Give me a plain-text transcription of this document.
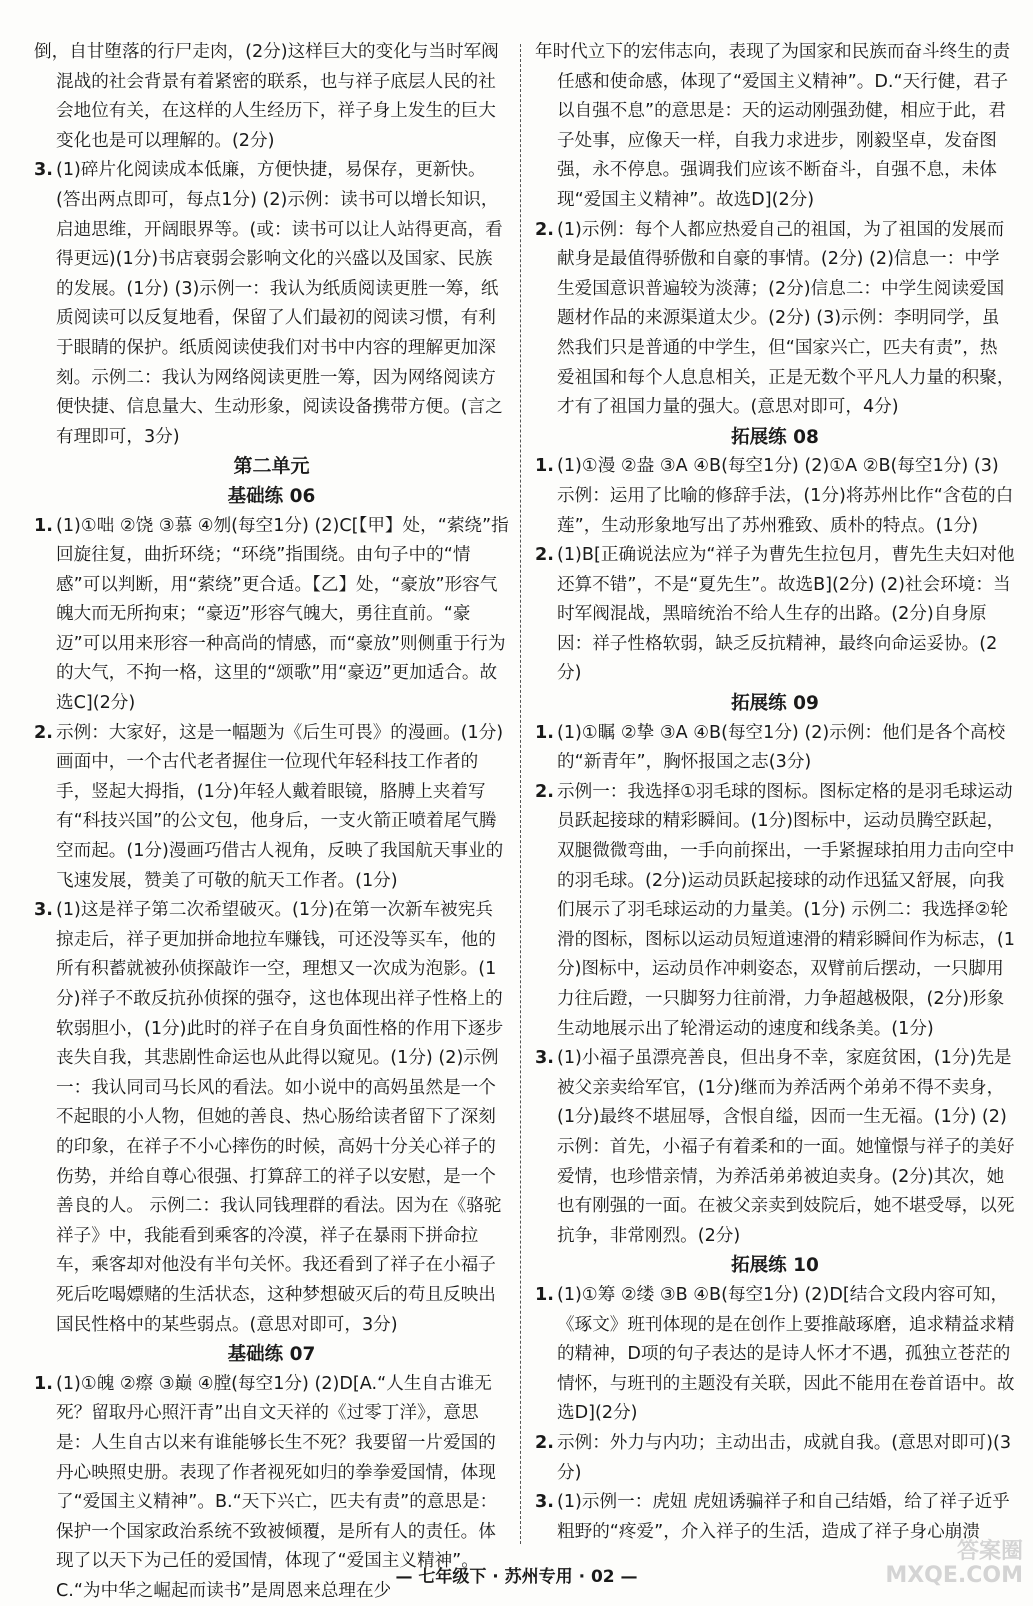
倒，自甘堕落的行尸走肉，(2分)这样巨大的变化与当时军阀混战的社会背景有着紧密的联系，也与祥子底层人民的社会地位有关，在这样的人生经历下，祥子身上发生的巨大变化也是可以理解的。(2分)

3. (1)碎片化阅读成本低廉，方便快捷，易保存，更新快。(答出两点即可，每点1分) (2)示例：读书可以增长知识，启迪思维，开阔眼界等。(或：读书可以让人站得更高，看得更远)(1分)书店衰弱会影响文化的兴盛以及国家、民族的发展。(1分) (3)示例一：我认为纸质阅读更胜一筹，纸质阅读可以反复地看，保留了人们最初的阅读习惯，有利于眼睛的保护。纸质阅读使我们对书中内容的理解更加深刻。示例二：我认为网络阅读更胜一筹，因为网络阅读方便快捷、信息量大、生动形象，阅读设备携带方便。(言之有理即可，3分)

第二单元

基础练 06

1. (1)①咄 ②饶 ③慕 ④刎(每空1分) (2)C[【甲】处，“萦绕”指回旋往复，曲折环绕；“环绕”指围绕。由句子中的“情感”可以判断，用“萦绕”更合适。【乙】处，“豪放”形容气魄大而无所拘束；“豪迈”形容气魄大，勇往直前。“豪迈”可以用来形容一种高尚的情感，而“豪放”则侧重于行为的大气，不拘一格，这里的“颂歌”用“豪迈”更加适合。故选C](2分)

2. 示例：大家好，这是一幅题为《后生可畏》的漫画。(1分)画面中，一个古代老者握住一位现代年轻科技工作者的手，竖起大拇指，(1分)年轻人戴着眼镜，胳膊上夹着写有“科技兴国”的公文包，他身后，一支火箭正喷着尾气腾空而起。(1分)漫画巧借古人视角，反映了我国航天事业的飞速发展，赞美了可敬的航天工作者。(1分)

3. (1)这是祥子第二次希望破灭。(1分)在第一次新车被宪兵掠走后，祥子更加拼命地拉车赚钱，可还没等买车，他的所有积蓄就被孙侦探敲诈一空，理想又一次成为泡影。(1分)祥子不敢反抗孙侦探的强夺，这也体现出祥子性格上的软弱胆小，(1分)此时的祥子在自身负面性格的作用下逐步丧失自我，其悲剧性命运也从此得以窥见。(1分) (2)示例一：我认同司马长风的看法。如小说中的高妈虽然是一个不起眼的小人物，但她的善良、热心肠给读者留下了深刻的印象，在祥子不小心摔伤的时候，高妈十分关心祥子的伤势，并给自尊心很强、打算辞工的祥子以安慰，是一个善良的人。 示例二：我认同钱理群的看法。因为在《骆驼祥子》中，我能看到乘客的冷漠，祥子在暴雨下拼命拉车，乘客却对他没有半句关怀。我还看到了祥子在小福子死后吃喝嫖赌的生活状态，这种梦想破灭后的苟且反映出国民性格中的某些弱点。(意思对即可，3分)

基础练 07

1. (1)①魄 ②瘵 ③巅 ④膛(每空1分) (2)D[A.“人生自古谁无死？留取丹心照汗青”出自文天祥的《过零丁洋》，意思是：人生自古以来有谁能够长生不死？我要留一片爱国的丹心映照史册。表现了作者视死如归的拳拳爱国情，体现了“爱国主义精神”。B.“天下兴亡，匹夫有责”的意思是：保护一个国家政治系统不致被倾覆，是所有人的责任。体现了以天下为己任的爱国情，体现了“爱国主义精神”。C.“为中华之崛起而读书”是周恩来总理在少

年时代立下的宏伟志向，表现了为国家和民族而奋斗终生的责任感和使命感，体现了“爱国主义精神”。D.“天行健，君子以自强不息”的意思是：天的运动刚强劲健，相应于此，君子处事，应像天一样，自我力求进步，刚毅坚卓，发奋图强，永不停息。强调我们应该不断奋斗，自强不息，未体现“爱国主义精神”。故选D](2分)

2. (1)示例：每个人都应热爱自己的祖国，为了祖国的发展而献身是最值得骄傲和自豪的事情。(2分) (2)信息一：中学生爱国意识普遍较为淡薄；(2分)信息二：中学生阅读爱国题材作品的来源渠道太少。(2分) (3)示例：李明同学，虽然我们只是普通的中学生，但“国家兴亡，匹夫有责”，热爱祖国和每个人息息相关，正是无数个平凡人力量的积聚，才有了祖国力量的强大。(意思对即可，4分)

拓展练 08

1. (1)①漫 ②盎 ③A ④B(每空1分) (2)①A ②B(每空1分) (3)示例：运用了比喻的修辞手法，(1分)将苏州比作“含苞的白莲”，生动形象地写出了苏州雅致、质朴的特点。(1分)

2. (1)B[正确说法应为“祥子为曹先生拉包月，曹先生夫妇对他还算不错”，不是“夏先生”。故选B](2分) (2)社会环境：当时军阀混战，黑暗统治不给人生存的出路。(2分)自身原因：祥子性格软弱，缺乏反抗精神，最终向命运妥协。(2分)

拓展练 09

1. (1)①瞩 ②挚 ③A ④B(每空1分) (2)示例：他们是各个高校的“新青年”，胸怀报国之志(3分)

2. 示例一：我选择①羽毛球的图标。图标定格的是羽毛球运动员跃起接球的精彩瞬间。(1分)图标中，运动员腾空跃起，双腿微微弯曲，一手向前探出，一手紧握球拍用力击向空中的羽毛球。(2分)运动员跃起接球的动作迅猛又舒展，向我们展示了羽毛球运动的力量美。(1分) 示例二：我选择②轮滑的图标，图标以运动员短道速滑的精彩瞬间作为标志，(1分)图标中，运动员作冲刺姿态，双臂前后摆动，一只脚用力往后蹬，一只脚努力往前滑，力争超越极限，(2分)形象生动地展示出了轮滑运动的速度和线条美。(1分)

3. (1)小福子虽漂亮善良，但出身不幸，家庭贫困，(1分)先是被父亲卖给军官，(1分)继而为养活两个弟弟不得不卖身，(1分)最终不堪屈辱，含恨自缢，因而一生无福。(1分) (2)示例：首先，小福子有着柔和的一面。她憧憬与祥子的美好爱情，也珍惜亲情，为养活弟弟被迫卖身。(2分)其次，她也有刚强的一面。在被父亲卖到妓院后，她不堪受辱，以死抗争，非常刚烈。(2分)

拓展练 10

1. (1)①筹 ②缕 ③B ④B(每空1分) (2)D[结合文段内容可知，《琢文》班刊体现的是在创作上要推敲琢磨，追求精益求精的精神，D项的句子表达的是诗人怀才不遇，孤独立苍茫的情怀，与班刊的主题没有关联，因此不能用在卷首语中。故选D](2分)

2. 示例：外力与内功；主动出击，成就自我。(意思对即可)(3分)

3. (1)示例一：虎妞 虎妞诱骗祥子和自己结婚，给了祥子近乎粗野的“疼爱”，介入祥子的生活，造成了祥子身心崩溃

— 七年级下 · 苏州专用 · 02 —
答案圈
MXQE.COM
